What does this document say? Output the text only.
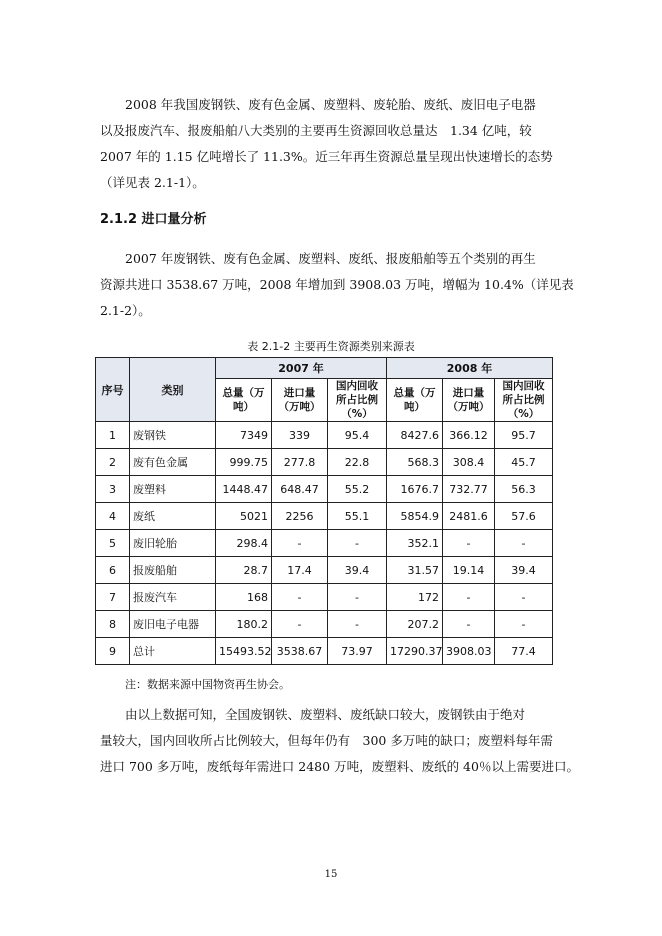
2008 年我国废钢铁、废有色金属、废塑料、废轮胎、废纸、废旧电子电器
以及报废汽车、报废船舶八大类别的主要再生资源回收总量达　1.34 亿吨，较
2007 年的 1.15 亿吨增长了 11.3%。近三年再生资源总量呈现出快速增长的态势
（详见表 2.1-1）。
2.1.2 进口量分析
2007 年废钢铁、废有色金属、废塑料、废纸、报废船舶等五个类别的再生
资源共进口 3538.67 万吨，2008 年增加到 3908.03 万吨，增幅为 10.4%（详见表
2.1-2）。
表 2.1-2 主要再生资源类别来源表
序号	类别	2007 年			2008 年		
		总量（万吨）	进口量（万吨）	国内回收所占比例（%）	总量（万吨）	进口量（万吨）	国内回收所占比例（%）
1	废钢铁	7349	339	95.4	8427.6	366.12	95.7
2	废有色金属	999.75	277.8	22.8	568.3	308.4	45.7
3	废塑料	1448.47	648.47	55.2	1676.7	732.77	56.3
4	废纸	5021	2256	55.1	5854.9	2481.6	57.6
5	废旧轮胎	298.4	-	-	352.1	-	-
6	报废船舶	28.7	17.4	39.4	31.57	19.14	39.4
7	报废汽车	168	-	-	172	-	-
8	废旧电子电器	180.2	-	-	207.2	-	-
9	总计	15493.52	3538.67	73.97	17290.37	3908.03	77.4
注：数据来源中国物资再生协会。
由以上数据可知，全国废钢铁、废塑料、废纸缺口较大，废钢铁由于绝对
量较大，国内回收所占比例较大，但每年仍有　300 多万吨的缺口；废塑料每年需
进口 700 多万吨，废纸每年需进口 2480 万吨，废塑料、废纸的 40％以上需要进口。
15
